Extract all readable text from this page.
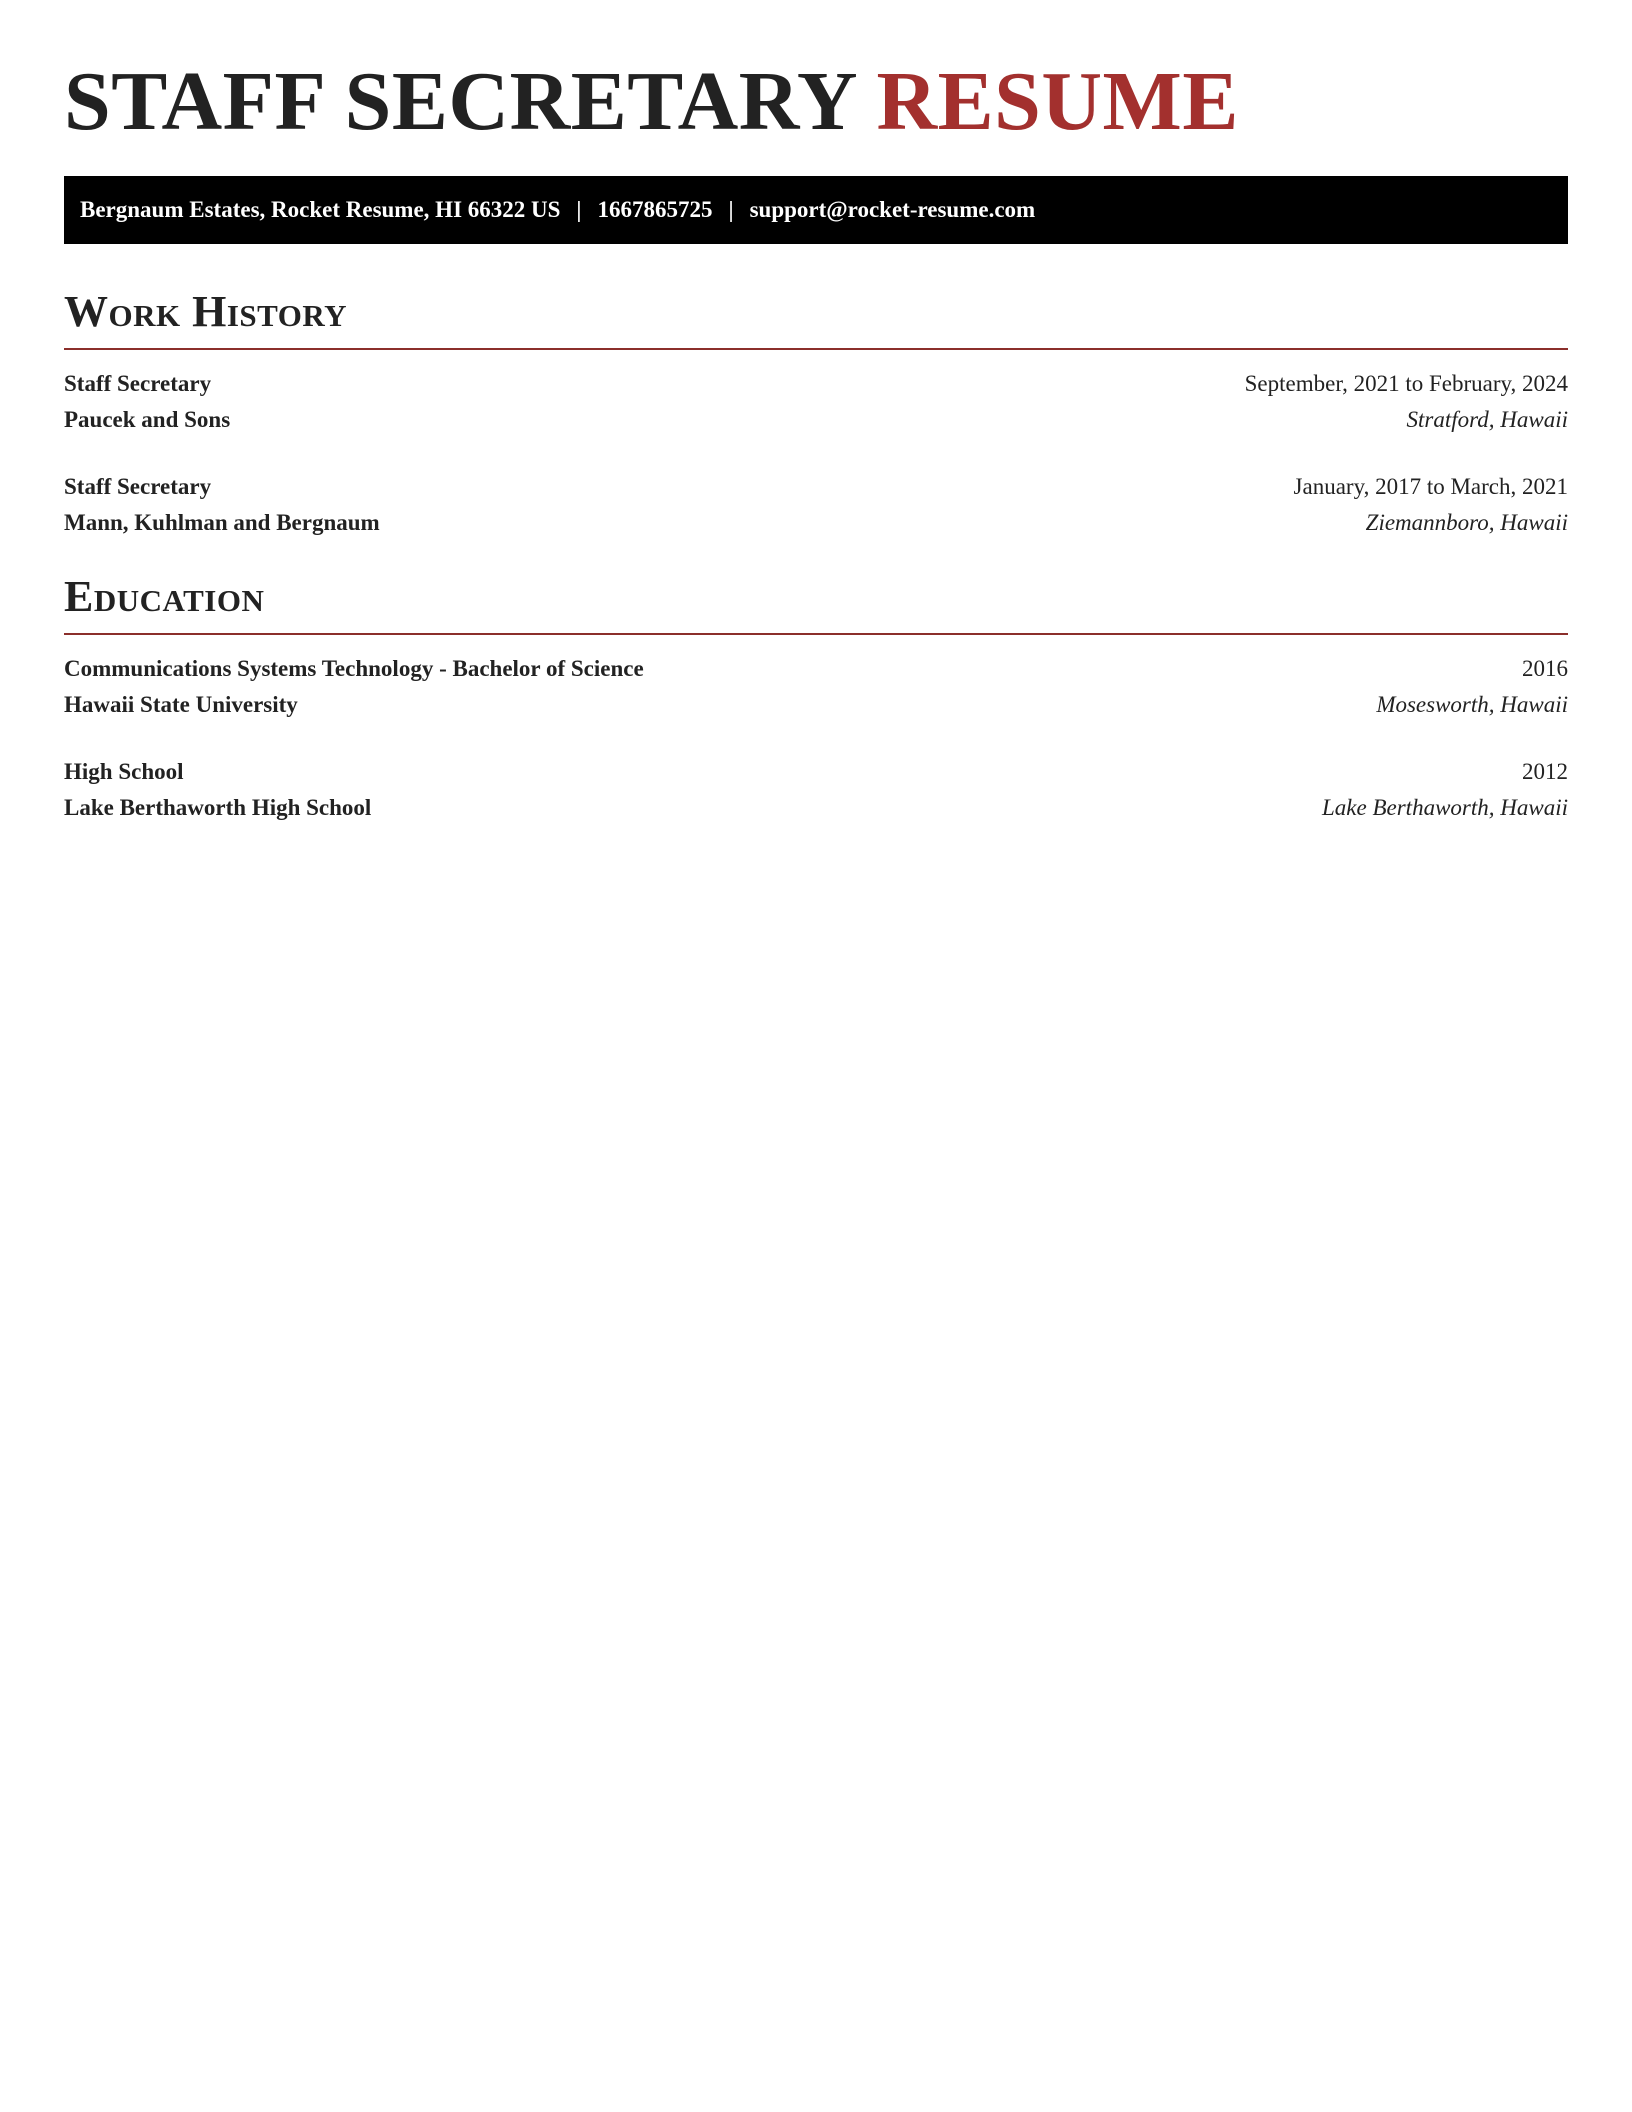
STAFF SECRETARY RESUME
Bergnaum Estates, Rocket Resume, HI 66322 US | 1667865725 | support@rocket-resume.com
Work History
Staff Secretary	September, 2021 to February, 2024
Paucek and Sons	Stratford, Hawaii
Staff Secretary	January, 2017 to March, 2021
Mann, Kuhlman and Bergnaum	Ziemannboro, Hawaii
Education
Communications Systems Technology - Bachelor of Science	2016
Hawaii State University	Mosesworth, Hawaii
High School	2012
Lake Berthaworth High School	Lake Berthaworth, Hawaii
